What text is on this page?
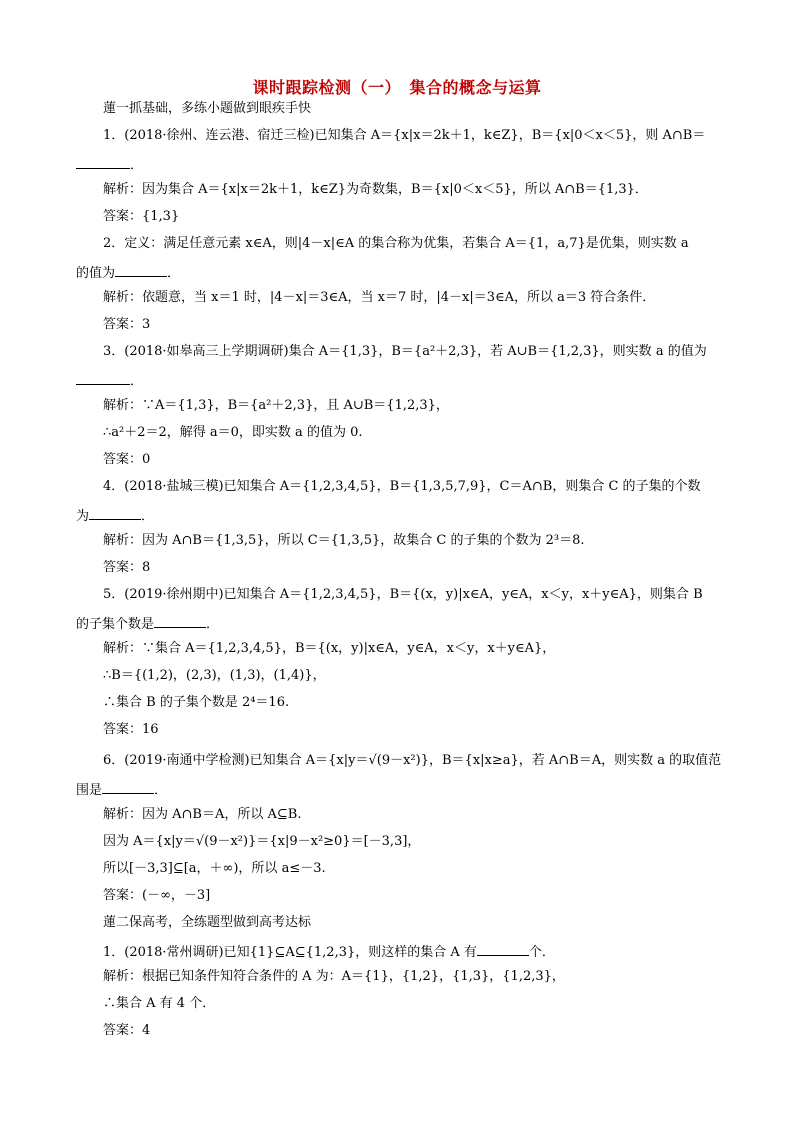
课时跟踪检测（一）　集合的概念与运算
蓮一抓基础，多练小题做到眼疾手快
1．(2018·徐州、连云港、宿迁三检)已知集合 A＝{x|x＝2k＋1，k∈Z}，B＝{x|0＜x＜5}，则 A∩B＝
．
解析：因为集合 A＝{x|x＝2k＋1，k∈Z}为奇数集，B＝{x|0＜x＜5}，所以 A∩B＝{1,3}．
答案：{1,3}
2．定义：满足任意元素 x∈A，则|4－x|∈A 的集合称为优集，若集合 A＝{1，a,7}是优集，则实数 a
的值为	．
解析：依题意，当 x＝1 时，|4－x|＝3∈A，当 x＝7 时，|4－x|＝3∈A，所以 a＝3 符合条件．
答案：3
3．(2018·如皋高三上学期调研)集合 A＝{1,3}，B＝{a²＋2,3}，若 A∪B＝{1,2,3}，则实数 a 的值为
．
解析：∵A＝{1,3}，B＝{a²＋2,3}，且 A∪B＝{1,2,3}，
∴a²＋2＝2，解得 a＝0，即实数 a 的值为 0.
答案：0
4．(2018·盐城三模)已知集合 A＝{1,2,3,4,5}，B＝{1,3,5,7,9}，C＝A∩B，则集合 C 的子集的个数
为	．
解析：因为 A∩B＝{1,3,5}，所以 C＝{1,3,5}，故集合 C 的子集的个数为 2³＝8.
答案：8
5．(2019·徐州期中)已知集合 A＝{1,2,3,4,5}，B＝{(x，y)|x∈A，y∈A，x＜y，x＋y∈A}，则集合 B
的子集个数是	．
解析：∵集合 A＝{1,2,3,4,5}，B＝{(x，y)|x∈A，y∈A，x＜y，x＋y∈A}，
∴B＝{(1,2)，(2,3)，(1,3)，(1,4)}，
∴集合 B 的子集个数是 2⁴＝16.
答案：16
6．(2019·南通中学检测)已知集合 A＝{x|y＝√(9－x²)}，B＝{x|x≥a}，若 A∩B＝A，则实数 a 的取值范
围是	．
解析：因为 A∩B＝A，所以 A⊆B.
因为 A＝{x|y＝√(9－x²)}＝{x|9－x²≥0}＝[－3,3]，
所以[－3,3]⊆[a，＋∞)，所以 a≤－3.
答案：(－∞，－3]
蓮二保高考，全练题型做到高考达标
1．(2018·常州调研)已知{1}⊆A⊆{1,2,3}，则这样的集合 A 有	个．
解析：根据已知条件知符合条件的 A 为：A＝{1}，{1,2}，{1,3}，{1,2,3}，
∴集合 A 有 4 个．
答案：4
